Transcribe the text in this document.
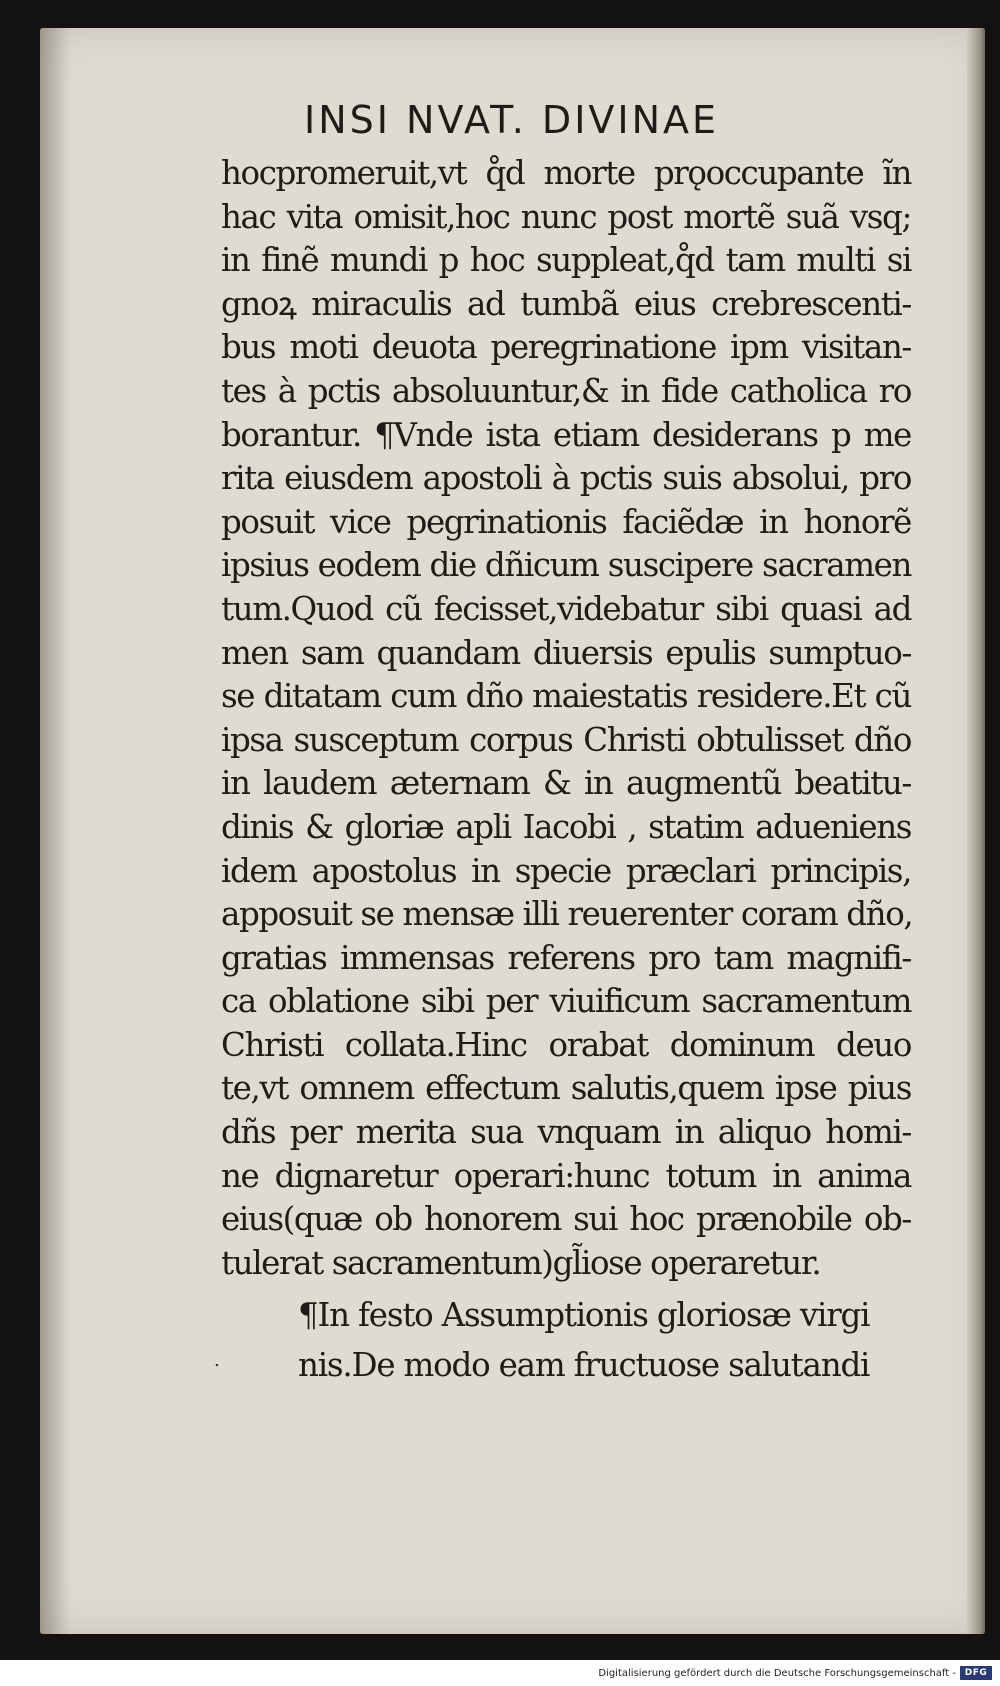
INSI NVAT. DIVINAE
hocpromeruit,vt q̊d morte prǫoccupante ĩn
hac vita omisit,hoc nunc post mortẽ suã vsq;
in finẽ mundi p hoc suppleat,q̊d tam multi si
gnoꝝ miraculis ad tumbã eius crebrescenti-
bus moti deuota peregrinatione ipm visitan-
tes à pctis absoluuntur,& in fide catholica ro
borantur. ¶Vnde ista etiam desiderans p me
rita eiusdem apostoli à pctis suis absolui, pro
posuit vice pegrinationis faciẽdæ in honorẽ
ipsius eodem die dñicum suscipere sacramen
tum.Quod cũ fecisset,videbatur sibi quasi ad
men sam quandam diuersis epulis sumptuo-
se ditatam cum dño maiestatis residere.Et cũ
ipsa susceptum corpus Christi obtulisset dño
in laudem æternam & in augmentũ beatitu-
dinis & gloriæ apli Iacobi , statim adueniens
idem apostolus in specie præclari principis,
apposuit se mensæ illi reuerenter coram dño,
gratias immensas referens pro tam magnifi-
ca oblatione sibi per viuificum sacramentum
Christi collata.Hinc orabat dominum deuo
te,vt omnem effectum salutis,quem ipse pius
dñs per merita sua vnquam in aliquo homi-
ne dignaretur operari:hunc totum in anima
eius(quæ ob honorem sui hoc prænobile ob-
tulerat sacramentum)gl̃iose operaretur.
¶In festo Assumptionis gloriosæ virgi
nis.De modo eam fructuose salutandi
.
Digitalisierung gefördert durch die Deutsche Forschungsgemeinschaft - DFG
